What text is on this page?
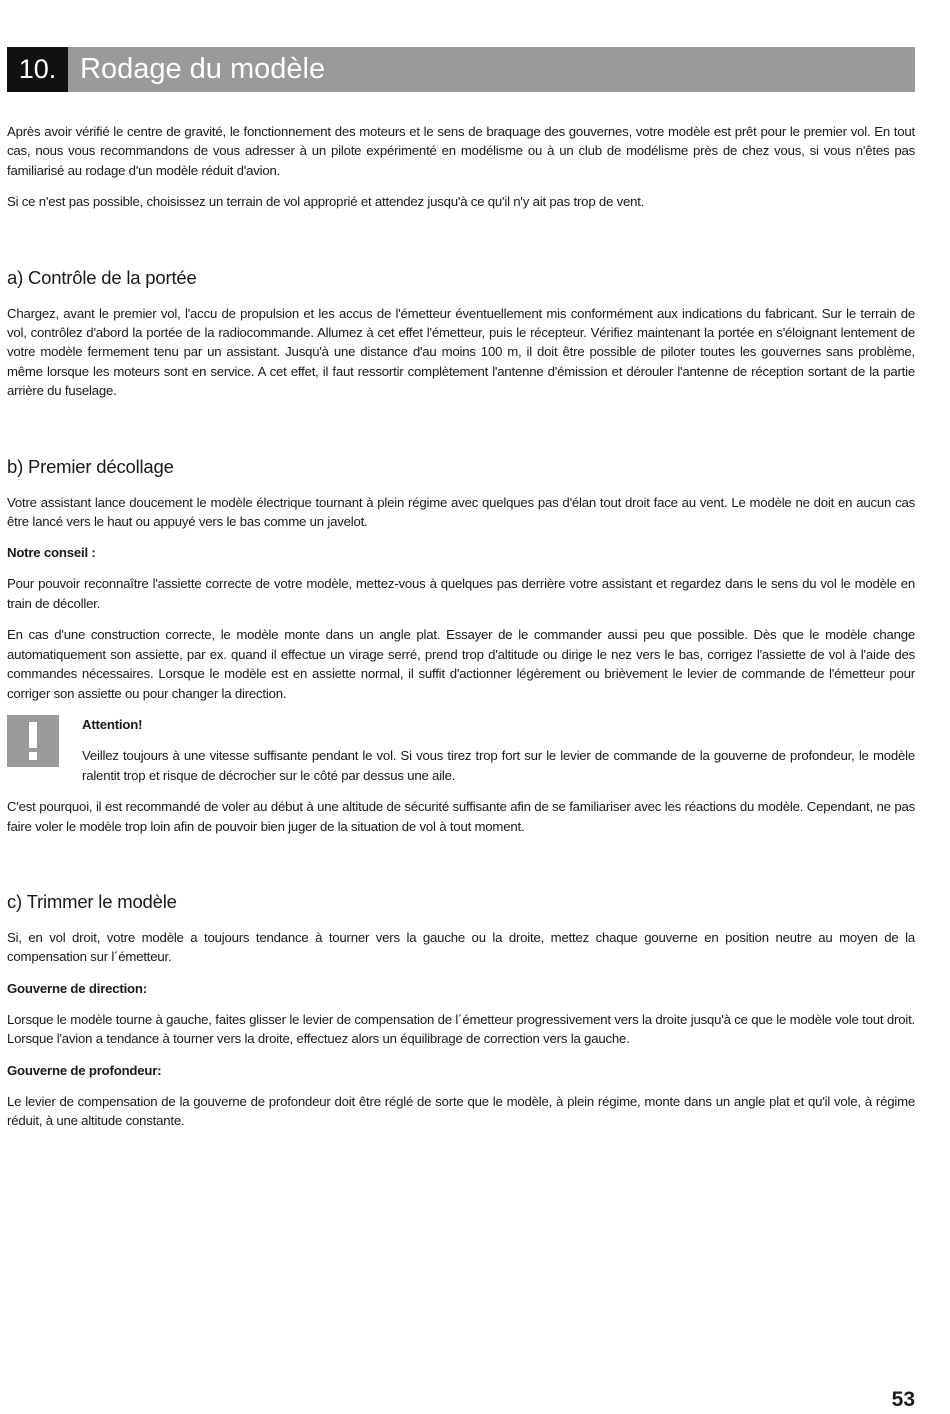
10. Rodage du modèle

Après avoir vérifié le centre de gravité, le fonctionnement des moteurs et le sens de braquage des gouvernes, votre modèle est prêt pour le premier vol. En tout cas, nous vous recommandons de vous adresser à un pilote expérimenté en modélisme ou à un club de modélisme près de chez vous, si vous n'êtes pas familiarisé au rodage d'un modèle réduit d'avion.

Si ce n'est pas possible, choisissez un terrain de vol approprié et attendez jusqu'à ce qu'il n'y ait pas trop de vent.

a) Contrôle de la portée

Chargez, avant le premier vol, l'accu de propulsion et les accus de l'émetteur éventuellement mis conformément aux indications du fabricant. Sur le terrain de vol, contrôlez d'abord la portée de la radiocommande. Allumez à cet effet l'émetteur, puis le récepteur. Vérifiez maintenant la portée en s'éloignant lentement de votre modèle fermement tenu par un assistant. Jusqu'à une distance d'au moins 100 m, il doit être possible de piloter toutes les gouvernes sans problème, même lorsque les moteurs sont en service. A cet effet, il faut ressortir complètement l'antenne d'émission et dérouler l'antenne de réception sortant de la partie arrière du fuselage.

b) Premier décollage

Votre assistant lance doucement le modèle électrique tournant à plein régime avec quelques pas d'élan tout droit face au vent. Le modèle ne doit en aucun cas être lancé vers le haut ou appuyé vers le bas comme un javelot.

Notre conseil :

Pour pouvoir reconnaître l'assiette correcte de votre modèle, mettez-vous à quelques pas derrière votre assistant et regardez dans le sens du vol le modèle en train de décoller.

En cas d'une construction correcte, le modèle monte dans un angle plat. Essayer de le commander aussi peu que possible. Dès que le modèle change automatiquement son assiette, par ex. quand il effectue un virage serré, prend trop d'altitude ou dirige le nez vers le bas, corrigez l'assiette de vol à l'aide des commandes nécessaires. Lorsque le modèle est en assiette normal, il suffit d'actionner légèrement ou brièvement le levier de commande de l'émetteur pour corriger son assiette ou pour changer la direction.

Attention!

Veillez toujours à une vitesse suffisante pendant le vol. Si vous tirez trop fort sur le levier de commande de la gouverne de profondeur, le modèle ralentit trop et risque de décrocher sur le côté par dessus une aile.

C'est pourquoi, il est recommandé de voler au début à une altitude de sécurité suffisante afin de se familiariser avec les réactions du modèle. Cependant, ne pas faire voler le modèle trop loin afin de pouvoir bien juger de la situation de vol à tout moment.

c) Trimmer le modèle

Si, en vol droit, votre modèle a toujours tendance à tourner vers la gauche ou la droite, mettez chaque gouverne en position neutre au moyen de la compensation sur l´émetteur.

Gouverne de direction:

Lorsque le modèle tourne à gauche, faites glisser le levier de compensation de l´émetteur progressivement vers la droite jusqu'à ce que le modèle vole tout droit. Lorsque l'avion a tendance à tourner vers la droite, effectuez alors un équilibrage de correction vers la gauche.

Gouverne de profondeur:

Le levier de compensation de la gouverne de profondeur doit être réglé de sorte que le modèle, à plein régime, monte dans un angle plat et qu'il vole, à régime réduit, à une altitude constante.

53
